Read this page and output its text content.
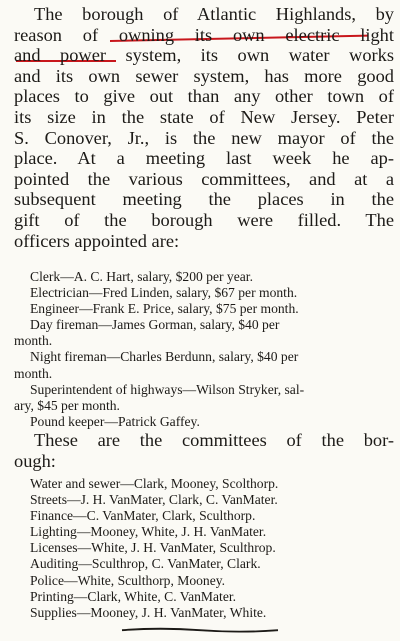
The borough of Atlantic Highlands, by
reason of owning its own electric light
and power system, its own water works
and its own sewer system, has more good
places to give out than any other town of
its size in the state of New Jersey. Peter
S. Conover, Jr., is the new mayor of the
place. At a meeting last week he ap-
pointed the various committees, and at a
subsequent meeting the places in the
gift of the borough were filled. The
officers appointed are:

Clerk—A. C. Hart, salary, $200 per year.
Electrician—Fred Linden, salary, $67 per month.
Engineer—Frank E. Price, salary, $75 per month.
Day fireman—James Gorman, salary, $40 per
month.
Night fireman—Charles Berdunn, salary, $40 per
month.
Superintendent of highways—Wilson Stryker, sal-
ary, $45 per month.
Pound keeper—Patrick Gaffey.

These are the committees of the bor-
ough:

Water and sewer—Clark, Mooney, Scolthorp.
Streets—J. H. VanMater, Clark, C. VanMater.
Finance—C. VanMater, Clark, Sculthorp.
Lighting—Mooney, White, J. H. VanMater.
Licenses—White, J. H. VanMater, Sculthrop.
Auditing—Sculthrop, C. VanMater, Clark.
Police—White, Sculthorp, Mooney.
Printing—Clark, White, C. VanMater.
Supplies—Mooney, J. H. VanMater, White.
